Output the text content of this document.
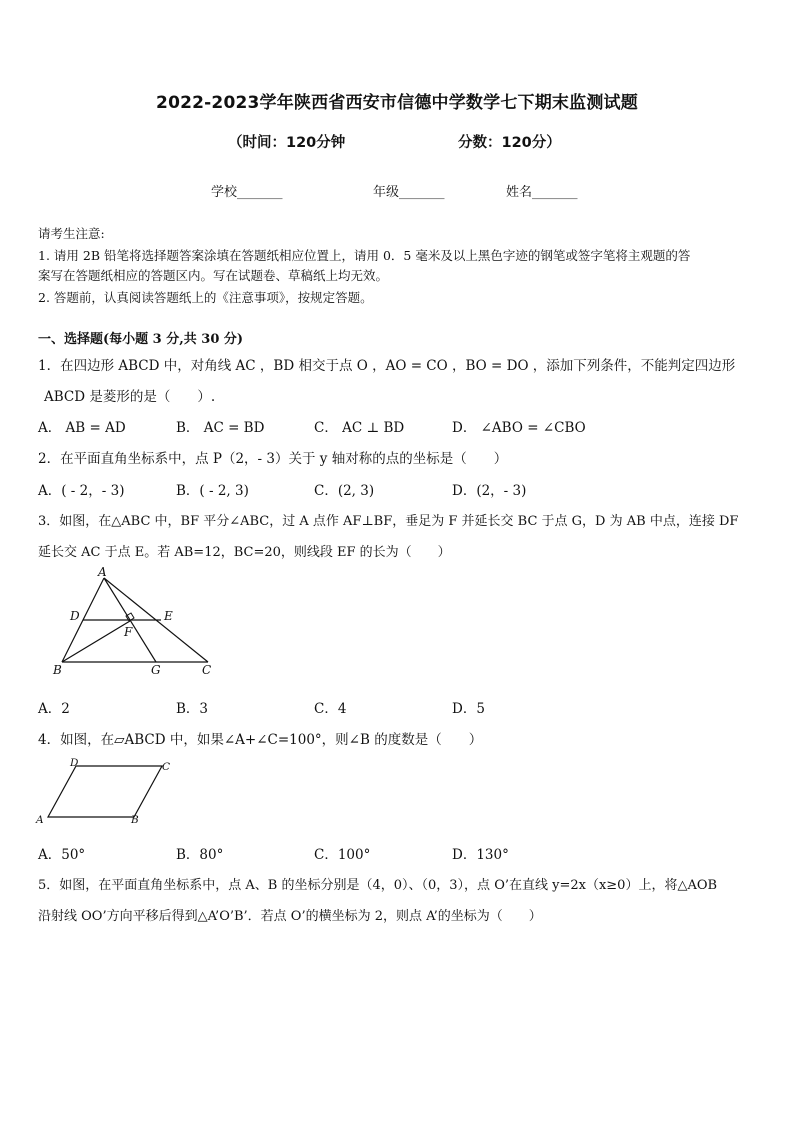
2022-2023学年陕西省西安市信德中学数学七下期末监测试题
（时间：120分钟	分数：120分）
学校_______	年级_______	姓名_______
请考生注意:
1. 请用 2B 铅笔将选择题答案涂填在答题纸相应位置上，请用 0．5 毫米及以上黑色字迹的钢笔或签字笔将主观题的答
案写在答题纸相应的答题区内。写在试题卷、草稿纸上均无效。
2. 答题前，认真阅读答题纸上的《注意事项》，按规定答题。
一、选择题(每小题 3 分,共 30 分)
1．在四边形 ABCD 中，对角线 AC ，BD 相交于点 O ，AO = CO ，BO = DO ，添加下列条件，不能判定四边形
ABCD 是菱形的是（　　）.
A． AB = AD	B． AC = BD	C． AC ⊥ BD	D． ∠ABO = ∠CBO
2．在平面直角坐标系中，点 P（2，- 3）关于 y 轴对称的点的坐标是（　　）
A．( - 2，- 3)	B．( - 2, 3)	C．(2, 3)	D．(2，- 3)
3．如图，在△ABC 中，BF 平分∠ABC，过 A 点作 AF⊥BF，垂足为 F 并延长交 BC 于点 G，D 为 AB 中点，连接 DF
延长交 AC 于点 E。若 AB=12，BC=20，则线段 EF 的长为（　　）
A
D	E
F
B	G	C
A．2	B．3	C．4	D．5
4．如图，在▱ABCD 中，如果∠A+∠C=100°，则∠B 的度数是（　　）
A	B
C
D
A．50°	B．80°	C．100°	D．130°
5．如图，在平面直角坐标系中，点 A、B 的坐标分别是（4，0）、（0，3），点 O’在直线 y=2x（x≥0）上，将△AOB
沿射线 OO’方向平移后得到△A’O’B’．若点 O’的横坐标为 2，则点 A’的坐标为（　　）
